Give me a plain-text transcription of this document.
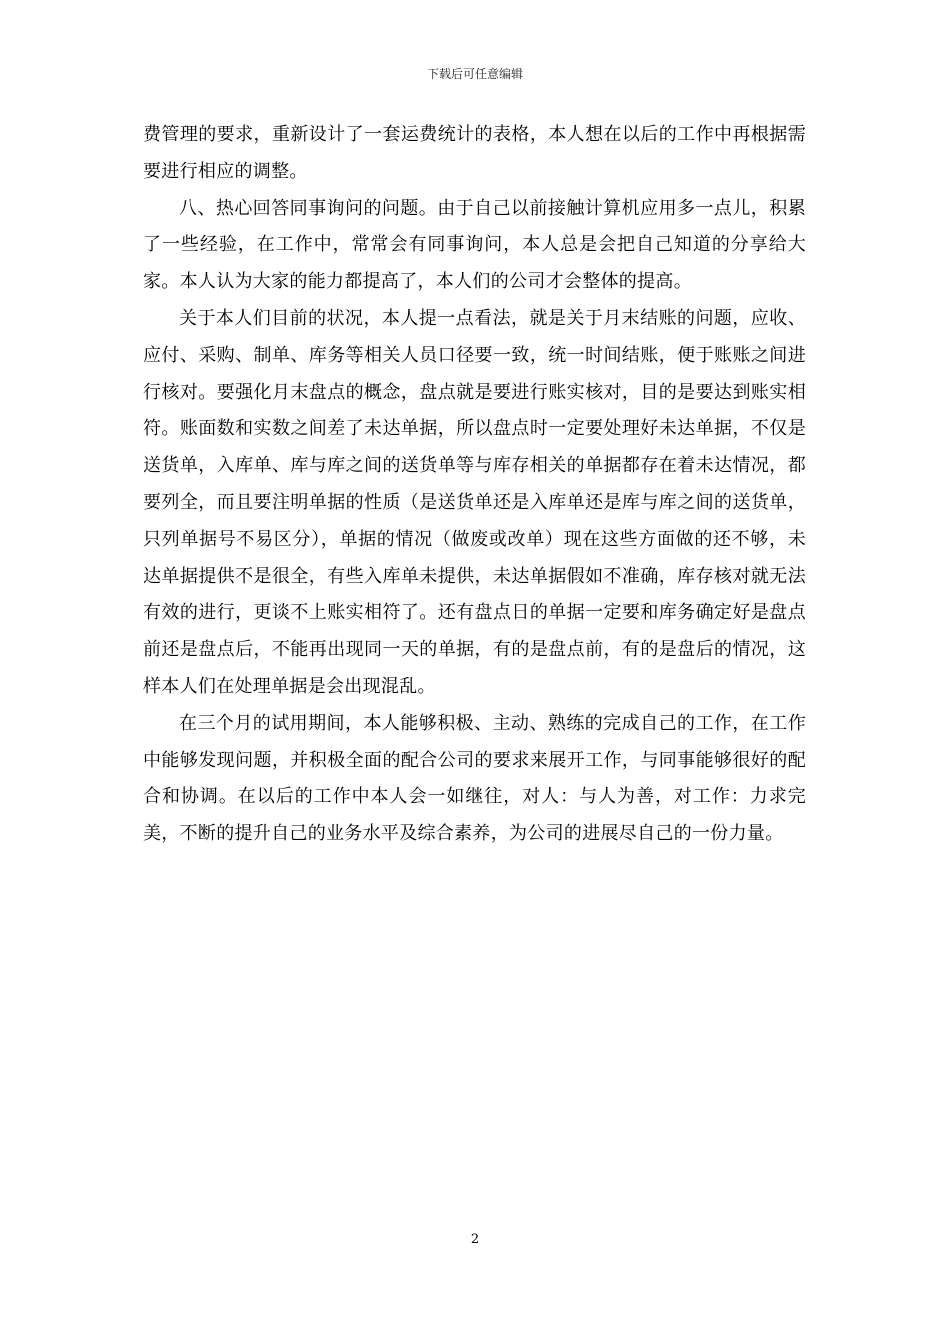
下载后可任意编辑

费管理的要求，重新设计了一套运费统计的表格，本人想在以后的工作中再根据需要进行相应的调整。

八、热心回答同事询问的问题。由于自己以前接触计算机应用多一点儿，积累了一些经验，在工作中，常常会有同事询问，本人总是会把自己知道的分享给大家。本人认为大家的能力都提高了，本人们的公司才会整体的提高。

关于本人们目前的状况，本人提一点看法，就是关于月末结账的问题，应收、应付、采购、制单、库务等相关人员口径要一致，统一时间结账，便于账账之间进行核对。要强化月末盘点的概念，盘点就是要进行账实核对，目的是要达到账实相符。账面数和实数之间差了未达单据，所以盘点时一定要处理好未达单据，不仅是送货单，入库单、库与库之间的送货单等与库存相关的单据都存在着未达情况，都要列全，而且要注明单据的性质（是送货单还是入库单还是库与库之间的送货单，只列单据号不易区分），单据的情况（做废或改单）现在这些方面做的还不够，未达单据提供不是很全，有些入库单未提供，未达单据假如不准确，库存核对就无法有效的进行，更谈不上账实相符了。还有盘点日的单据一定要和库务确定好是盘点前还是盘点后，不能再出现同一天的单据，有的是盘点前，有的是盘后的情况，这样本人们在处理单据是会出现混乱。

在三个月的试用期间，本人能够积极、主动、熟练的完成自己的工作，在工作中能够发现问题，并积极全面的配合公司的要求来展开工作，与同事能够很好的配合和协调。在以后的工作中本人会一如继往，对人：与人为善，对工作：力求完美，不断的提升自己的业务水平及综合素养，为公司的进展尽自己的一份力量。

2
